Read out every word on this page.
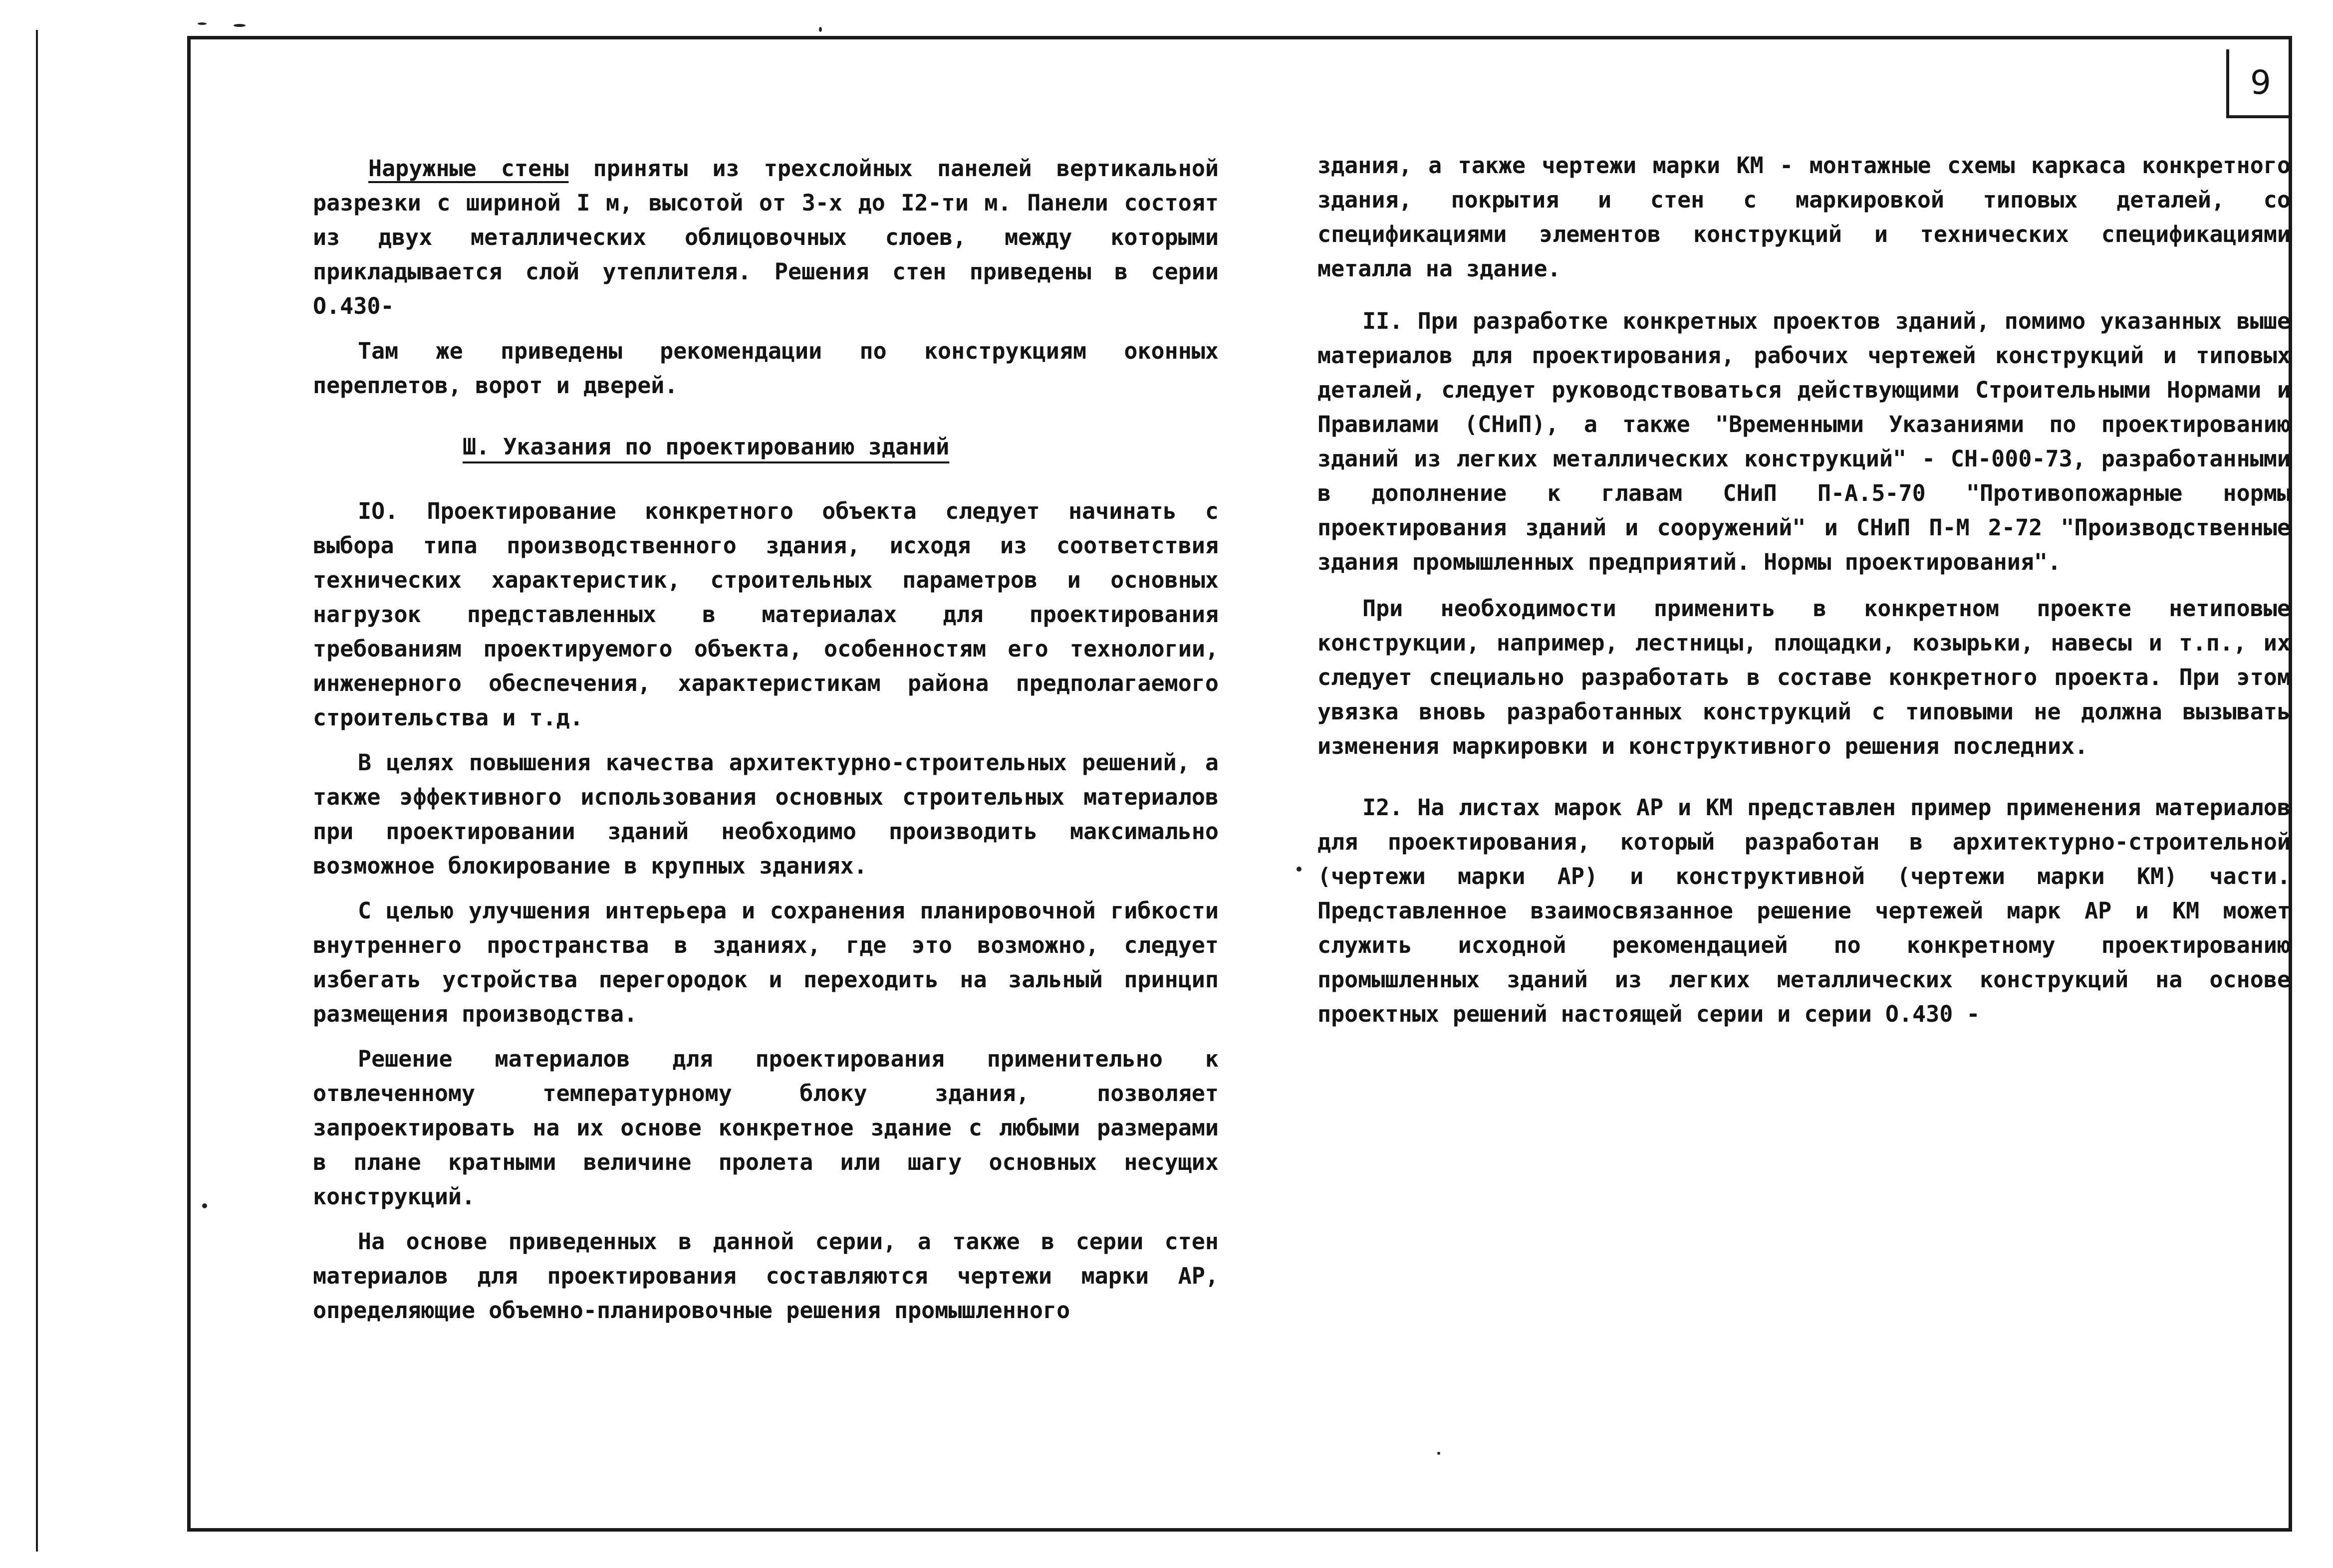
9

Наружные стены приняты из трехслойных панелей вертикальной разрезки с шириной I м, высотой от 3-х до I2-ти м. Панели состоят из двух металлических облицовочных слоев, между которыми прикладывается слой утеплителя. Решения стен приведены в серии О.430-

Там же приведены рекомендации по конструкциям оконных переплетов, ворот и дверей.

Ш. Указания по проектированию зданий

IO. Проектирование конкретного объекта следует начинать с выбора типа производственного здания, исходя из соответствия технических характеристик, строительных параметров и основных нагрузок представленных в материалах для проектирования требованиям проектируемого объекта, особенностям его технологии, инженерного обеспечения, характеристикам района предполагаемого строительства и т.д.

В целях повышения качества архитектурно-строительных решений, а также эффективного использования основных строительных материалов при проектировании зданий необходимо производить максимально возможное блокирование в крупных зданиях.

С целью улучшения интерьера и сохранения планировочной гибкости внутреннего пространства в зданиях, где это возможно, следует избегать устройства перегородок и переходить на зальный принцип размещения производства.

Решение материалов для проектирования применительно к отвлеченному температурному блоку здания, позволяет запроектировать на их основе конкретное здание с любыми размерами в плане кратными величине пролета или шагу основных несущих конструкций.

На основе приведенных в данной серии, а также в серии стен материалов для проектирования составляются чертежи марки АР, определяющие объемно-планировочные решения промышленного

здания, а также чертежи марки КМ - монтажные схемы каркаса конкретного здания, покрытия и стен с маркировкой типовых деталей, со спецификациями элементов конструкций и технических спецификациями металла на здание.

II. При разработке конкретных проектов зданий, помимо указанных выше материалов для проектирования, рабочих чертежей конструкций и типовых деталей, следует руководствоваться действующими Строительными Нормами и Правилами (СНиП), а также "Временными Указаниями по проектированию зданий из легких металлических конструкций" - СН-000-73, разработанными в дополнение к главам СНиП П-А.5-70 "Противопожарные нормы проектирования зданий и сооружений" и СНиП П-М 2-72 "Производственные здания промышленных предприятий. Нормы проектирования".

При необходимости применить в конкретном проекте нетиповые конструкции, например, лестницы, площадки, козырьки, навесы и т.п., их следует специально разработать в составе конкретного проекта. При этом увязка вновь разработанных конструкций с типовыми не должна вызывать изменения маркировки и конструктивного решения последних.

I2. На листах марок АР и КМ представлен пример применения материалов для проектирования, который разработан в архитектурно-строительной (чертежи марки АР) и конструктивной (чертежи марки КМ) части. Представленное взаимосвязанное решение чертежей марк АР и КМ может служить исходной рекомендацией по конкретному проектированию промышленных зданий из легких металлических конструкций на основе проектных решений настоящей серии и серии О.430 -
